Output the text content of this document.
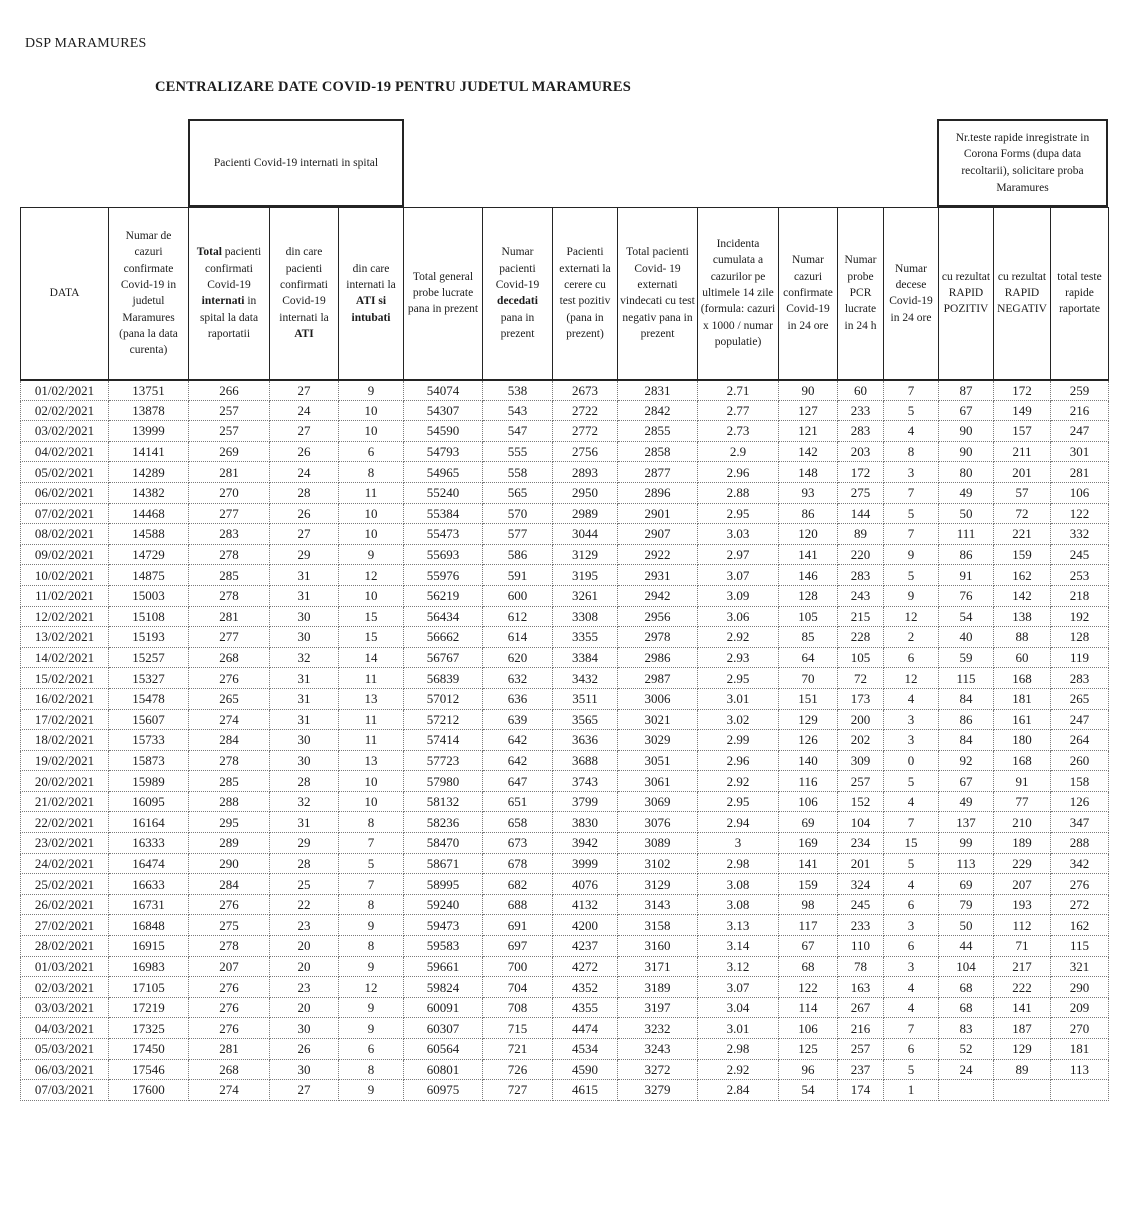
DSP MARAMURES
CENTRALIZARE DATE COVID-19 PENTRU JUDETUL MARAMURES
Pacienti Covid-19 internati in spital
Nr.teste rapide inregistrate in Corona Forms (dupa data recoltarii), solicitare proba Maramures
DATA	Numar de cazuri confirmate Covid-19 in judetul Maramures (pana la data curenta)	Total pacienti confirmati Covid-19 internati in spital la data raportatii	din care pacienti confirmati Covid-19 internati la ATI	din care internati la ATI si intubati	Total general probe lucrate pana in prezent	Numar pacienti Covid-19 decedati pana in prezent	Pacienti externati la cerere cu test pozitiv (pana in prezent)	Total pacienti Covid- 19 externati vindecati cu test negativ pana in prezent	Incidenta cumulata a cazurilor pe ultimele 14 zile (formula: cazuri x 1000 / numar populatie)	Numar cazuri confirmate Covid-19 in 24 ore	Numar probe PCR lucrate in 24 h	Numar decese Covid-19 in 24 ore	cu rezultat RAPID POZITIV	cu rezultat RAPID NEGATIV	total teste rapide raportate
01/02/2021	13751	266	27	9	54074	538	2673	2831	2.71	90	60	7	87	172	259
02/02/2021	13878	257	24	10	54307	543	2722	2842	2.77	127	233	5	67	149	216
03/02/2021	13999	257	27	10	54590	547	2772	2855	2.73	121	283	4	90	157	247
04/02/2021	14141	269	26	6	54793	555	2756	2858	2.9	142	203	8	90	211	301
05/02/2021	14289	281	24	8	54965	558	2893	2877	2.96	148	172	3	80	201	281
06/02/2021	14382	270	28	11	55240	565	2950	2896	2.88	93	275	7	49	57	106
07/02/2021	14468	277	26	10	55384	570	2989	2901	2.95	86	144	5	50	72	122
08/02/2021	14588	283	27	10	55473	577	3044	2907	3.03	120	89	7	111	221	332
09/02/2021	14729	278	29	9	55693	586	3129	2922	2.97	141	220	9	86	159	245
10/02/2021	14875	285	31	12	55976	591	3195	2931	3.07	146	283	5	91	162	253
11/02/2021	15003	278	31	10	56219	600	3261	2942	3.09	128	243	9	76	142	218
12/02/2021	15108	281	30	15	56434	612	3308	2956	3.06	105	215	12	54	138	192
13/02/2021	15193	277	30	15	56662	614	3355	2978	2.92	85	228	2	40	88	128
14/02/2021	15257	268	32	14	56767	620	3384	2986	2.93	64	105	6	59	60	119
15/02/2021	15327	276	31	11	56839	632	3432	2987	2.95	70	72	12	115	168	283
16/02/2021	15478	265	31	13	57012	636	3511	3006	3.01	151	173	4	84	181	265
17/02/2021	15607	274	31	11	57212	639	3565	3021	3.02	129	200	3	86	161	247
18/02/2021	15733	284	30	11	57414	642	3636	3029	2.99	126	202	3	84	180	264
19/02/2021	15873	278	30	13	57723	642	3688	3051	2.96	140	309	0	92	168	260
20/02/2021	15989	285	28	10	57980	647	3743	3061	2.92	116	257	5	67	91	158
21/02/2021	16095	288	32	10	58132	651	3799	3069	2.95	106	152	4	49	77	126
22/02/2021	16164	295	31	8	58236	658	3830	3076	2.94	69	104	7	137	210	347
23/02/2021	16333	289	29	7	58470	673	3942	3089	3	169	234	15	99	189	288
24/02/2021	16474	290	28	5	58671	678	3999	3102	2.98	141	201	5	113	229	342
25/02/2021	16633	284	25	7	58995	682	4076	3129	3.08	159	324	4	69	207	276
26/02/2021	16731	276	22	8	59240	688	4132	3143	3.08	98	245	6	79	193	272
27/02/2021	16848	275	23	9	59473	691	4200	3158	3.13	117	233	3	50	112	162
28/02/2021	16915	278	20	8	59583	697	4237	3160	3.14	67	110	6	44	71	115
01/03/2021	16983	207	20	9	59661	700	4272	3171	3.12	68	78	3	104	217	321
02/03/2021	17105	276	23	12	59824	704	4352	3189	3.07	122	163	4	68	222	290
03/03/2021	17219	276	20	9	60091	708	4355	3197	3.04	114	267	4	68	141	209
04/03/2021	17325	276	30	9	60307	715	4474	3232	3.01	106	216	7	83	187	270
05/03/2021	17450	281	26	6	60564	721	4534	3243	2.98	125	257	6	52	129	181
06/03/2021	17546	268	30	8	60801	726	4590	3272	2.92	96	237	5	24	89	113
07/03/2021	17600	274	27	9	60975	727	4615	3279	2.84	54	174	1			
